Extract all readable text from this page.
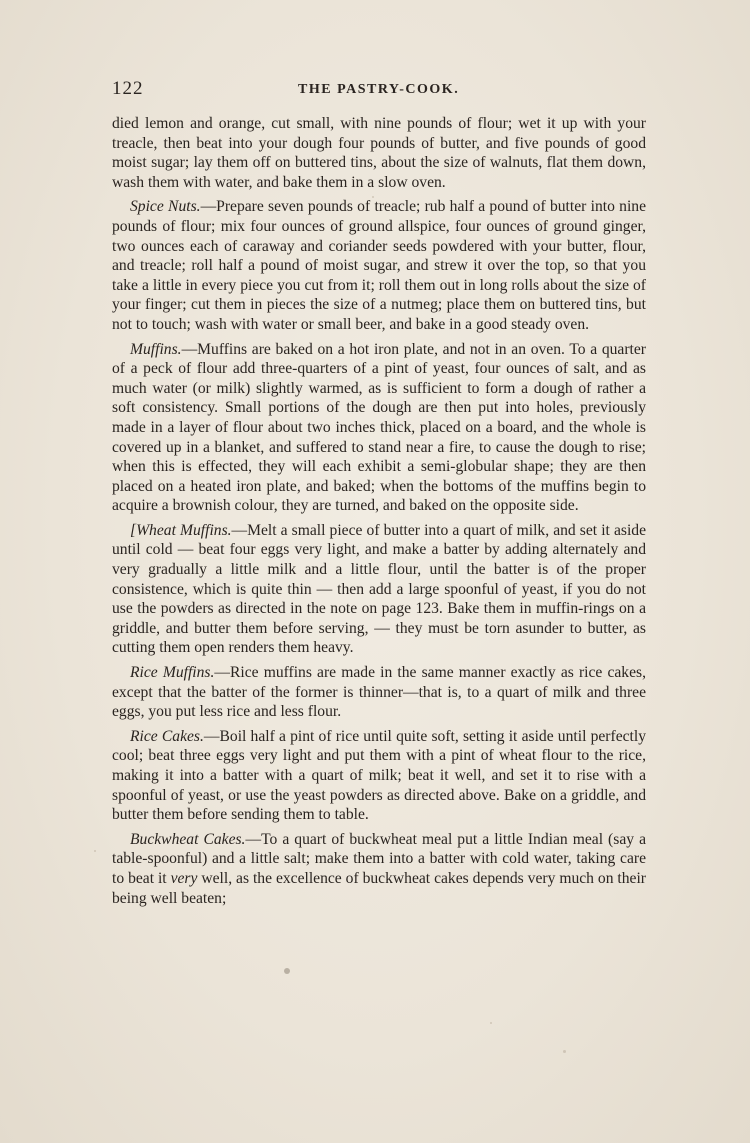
122	THE PASTRY-COOK.

died lemon and orange, cut small, with nine pounds of flour; wet it up with your treacle, then beat into your dough four pounds of butter, and five pounds of good moist sugar; lay them off on buttered tins, about the size of walnuts, flat them down, wash them with water, and bake them in a slow oven.

Spice Nuts.—Prepare seven pounds of treacle; rub half a pound of butter into nine pounds of flour; mix four ounces of ground allspice, four ounces of ground ginger, two ounces each of caraway and coriander seeds powdered with your butter, flour, and treacle; roll half a pound of moist sugar, and strew it over the top, so that you take a little in every piece you cut from it; roll them out in long rolls about the size of your finger; cut them in pieces the size of a nutmeg; place them on buttered tins, but not to touch; wash with water or small beer, and bake in a good steady oven.

Muffins.—Muffins are baked on a hot iron plate, and not in an oven. To a quarter of a peck of flour add three-quarters of a pint of yeast, four ounces of salt, and as much water (or milk) slightly warmed, as is sufficient to form a dough of rather a soft consistency. Small portions of the dough are then put into holes, previously made in a layer of flour about two inches thick, placed on a board, and the whole is covered up in a blanket, and suffered to stand near a fire, to cause the dough to rise; when this is effected, they will each exhibit a semi-globular shape; they are then placed on a heated iron plate, and baked; when the bottoms of the muffins begin to acquire a brownish colour, they are turned, and baked on the opposite side.

[Wheat Muffins.—Melt a small piece of butter into a quart of milk, and set it aside until cold — beat four eggs very light, and make a batter by adding alternately and very gradually a little milk and a little flour, until the batter is of the proper consistence, which is quite thin — then add a large spoonful of yeast, if you do not use the powders as directed in the note on page 123. Bake them in muffin-rings on a griddle, and butter them before serving, — they must be torn asunder to butter, as cutting them open renders them heavy.

Rice Muffins.—Rice muffins are made in the same manner exactly as rice cakes, except that the batter of the former is thinner—that is, to a quart of milk and three eggs, you put less rice and less flour.

Rice Cakes.—Boil half a pint of rice until quite soft, setting it aside until perfectly cool; beat three eggs very light and put them with a pint of wheat flour to the rice, making it into a batter with a quart of milk; beat it well, and set it to rise with a spoonful of yeast, or use the yeast powders as directed above. Bake on a griddle, and butter them before sending them to table.

Buckwheat Cakes.—To a quart of buckwheat meal put a little Indian meal (say a table-spoonful) and a little salt; make them into a batter with cold water, taking care to beat it very well, as the excellence of buckwheat cakes depends very much on their being well beaten;
